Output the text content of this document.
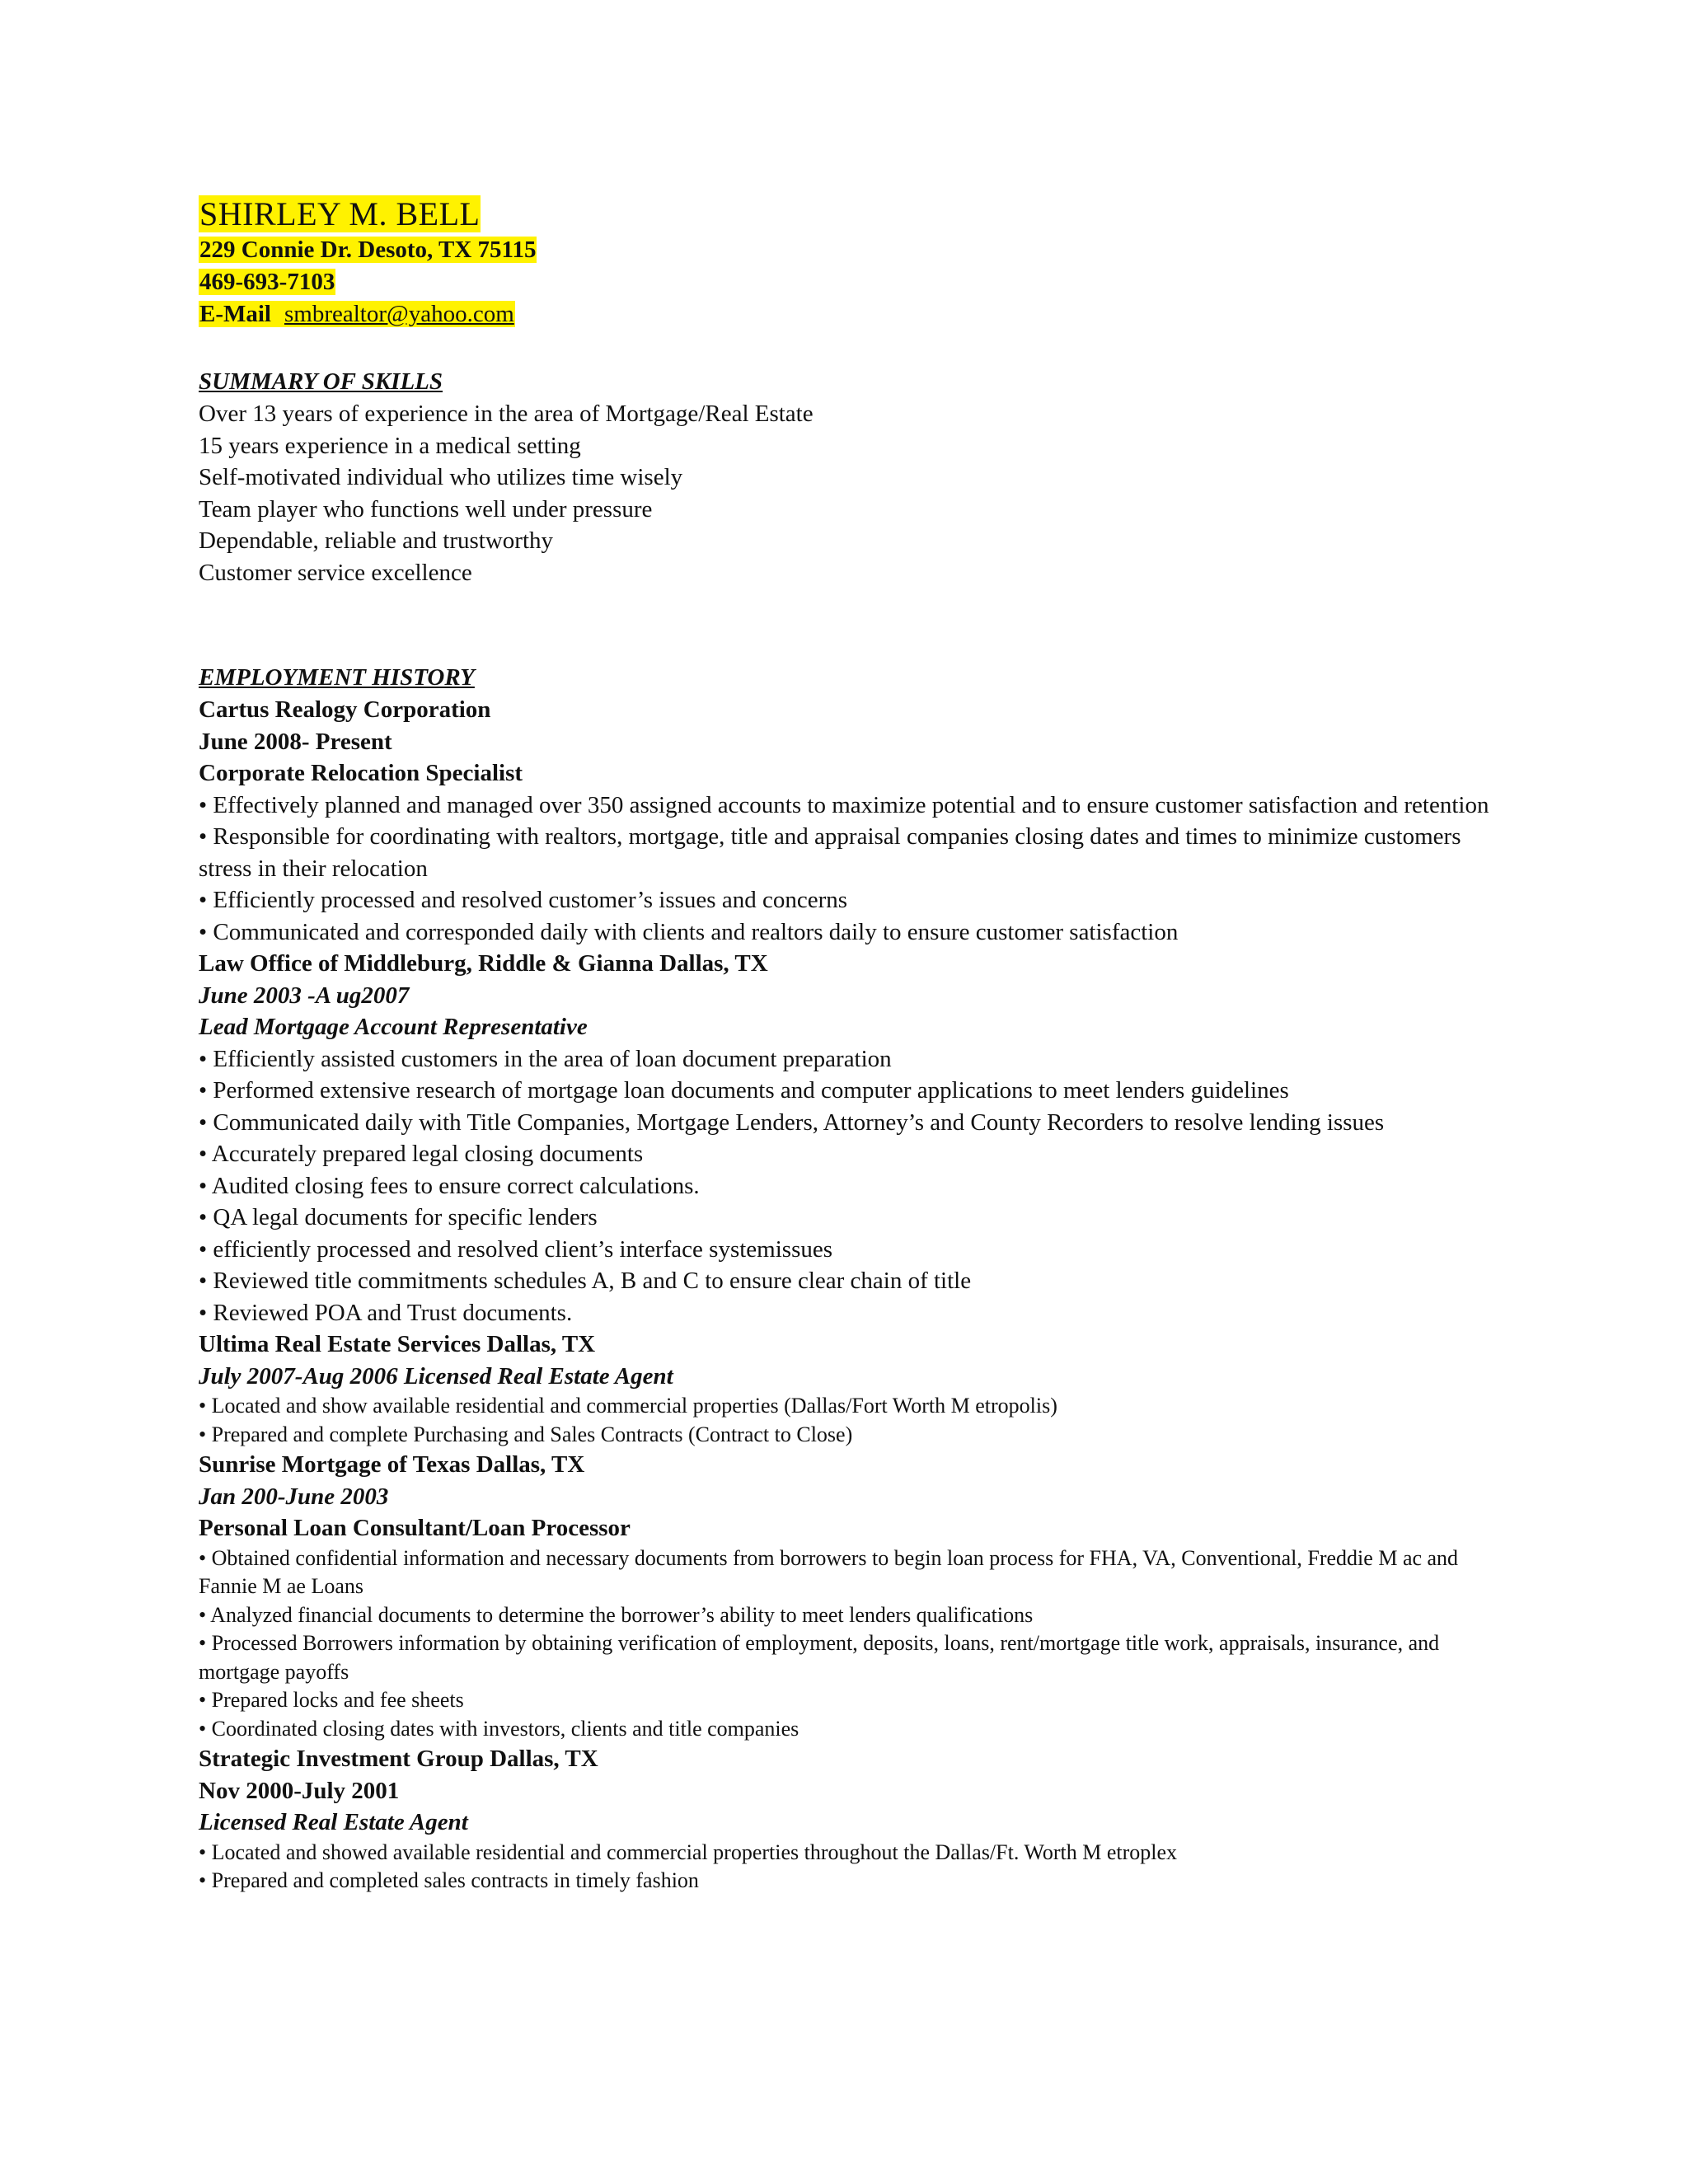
SHIRLEY M. BELL
229 Connie Dr. Desoto, TX 75115
469-693-7103
E-Mail smbrealtor@yahoo.com
SUMMARY OF SKILLS
Over 13 years of experience in the area of Mortgage/Real Estate
15 years experience in a medical setting
Self-motivated individual who utilizes time wisely
Team player who functions well under pressure
Dependable, reliable and trustworthy
Customer service excellence
EMPLOYMENT HISTORY
Cartus Realogy Corporation
June 2008- Present
Corporate Relocation Specialist
• Effectively planned and managed over 350 assigned accounts to maximize potential and to ensure customer satisfaction and retention
• Responsible for coordinating with realtors, mortgage, title and appraisal companies closing dates and times to minimize customers stress in their relocation
• Efficiently processed and resolved customer’s issues and concerns
• Communicated and corresponded daily with clients and realtors daily to ensure customer satisfaction
Law Office of Middleburg, Riddle & Gianna Dallas, TX
June 2003 -A ug2007
Lead Mortgage Account Representative
• Efficiently assisted customers in the area of loan document preparation
• Performed extensive research of mortgage loan documents and computer applications to meet lenders guidelines
• Communicated daily with Title Companies, Mortgage Lenders, Attorney’s and County Recorders to resolve lending issues
• Accurately prepared legal closing documents
• Audited closing fees to ensure correct calculations.
• QA legal documents for specific lenders
• efficiently processed and resolved client’s interface systemissues
• Reviewed title commitments schedules A, B and C to ensure clear chain of title
• Reviewed POA and Trust documents.
Ultima Real Estate Services Dallas, TX
July 2007-Aug 2006 Licensed Real Estate Agent
• Located and show available residential and commercial properties (Dallas/Fort Worth M etropolis)
• Prepared and complete Purchasing and Sales Contracts (Contract to Close)
Sunrise Mortgage of Texas Dallas, TX
Jan 200-June 2003
Personal Loan Consultant/Loan Processor
• Obtained confidential information and necessary documents from borrowers to begin loan process for FHA, VA, Conventional, Freddie M ac and Fannie M ae Loans
• Analyzed financial documents to determine the borrower’s ability to meet lenders qualifications
• Processed Borrowers information by obtaining verification of employment, deposits, loans, rent/mortgage title work, appraisals, insurance, and mortgage payoffs
• Prepared locks and fee sheets
• Coordinated closing dates with investors, clients and title companies
Strategic Investment Group Dallas, TX
Nov 2000-July 2001
Licensed Real Estate Agent
• Located and showed available residential and commercial properties throughout the Dallas/Ft. Worth M etroplex
• Prepared and completed sales contracts in timely fashion
